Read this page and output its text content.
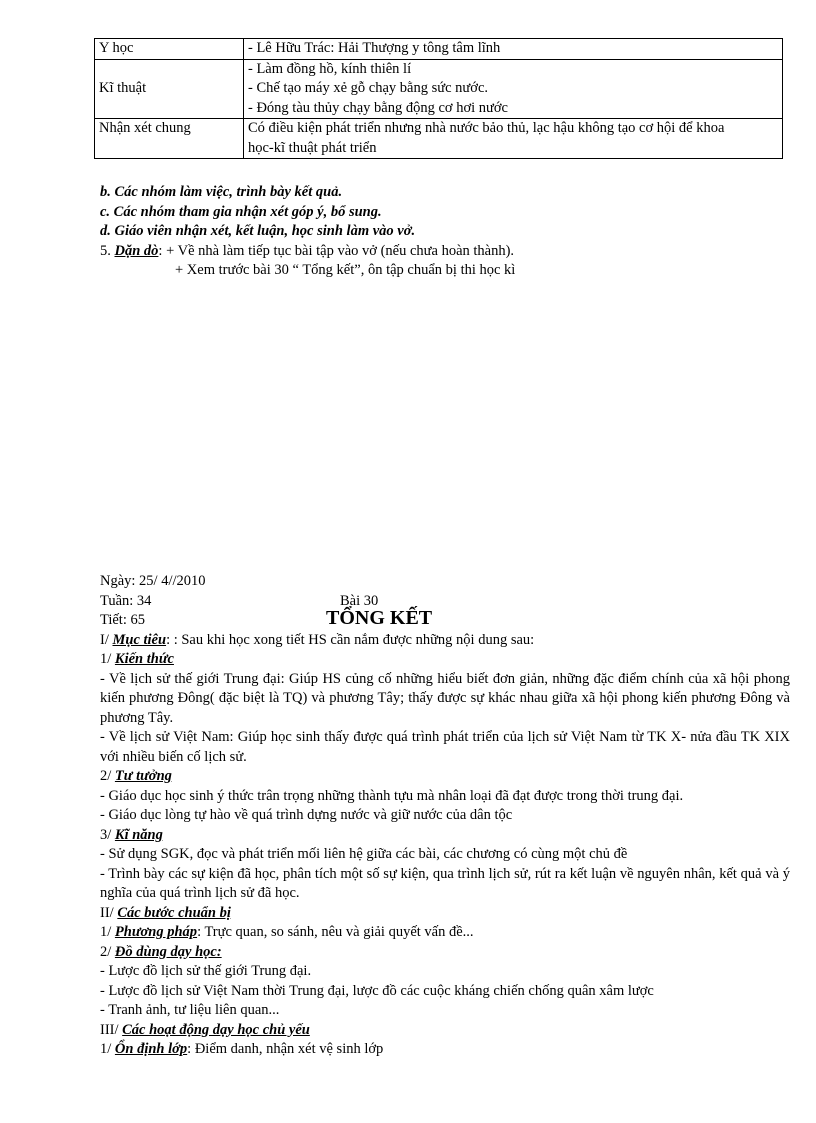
Y học	- Lê Hữu Trác: Hải Thượng y tông tâm lĩnh

Kĩ thuật	- Làm đồng hồ, kính thiên lí
- Chế tạo máy xẻ gỗ chạy bằng sức nước.
- Đóng tàu thủy chạy bằng động cơ hơi nước

Nhận xét chung	Có điều kiện phát triển nhưng nhà nước bảo thủ, lạc hậu không tạo cơ hội để khoa
học-kĩ thuật phát triển
b. Các nhóm làm việc, trình bày kết quả.
c. Các nhóm tham gia nhận xét góp ý, bổ sung.
d. Giáo viên nhận xét, kết luận, học sinh làm vào vở.
5. Dặn dò: + Về nhà làm tiếp tục bài tập vào vở (nếu chưa hoàn thành).
+ Xem trước bài 30 “ Tổng kết”, ôn tập chuẩn bị thi học kì
Ngày: 25/ 4//2010
Tuần: 34	Bài 30
Tiết: 65	TỔNG KẾT
I/ Mục tiêu: : Sau khi học xong tiết HS cần nắm được những nội dung sau:
1/ Kiến thức
- Về lịch sử thế giới Trung đại: Giúp HS củng cố những hiểu biết đơn giản, những đặc điểm chính của xã hội phong kiến phương Đông( đặc biệt là TQ) và phương Tây; thấy được sự khác nhau giữa xã hội phong kiến phương Đông và phương Tây.
- Về lịch sử Việt Nam: Giúp học sinh thấy được quá trình phát triển của lịch sử Việt Nam từ TK X- nửa đầu TK XIX với nhiều biến cố lịch sử.
2/ Tư tưởng
- Giáo dục học sinh ý thức trân trọng những thành tựu mà nhân loại đã đạt được trong thời trung đại.
- Giáo dục lòng tự hào về quá trình dựng nước và giữ nước của dân tộc
3/ Kĩ năng
- Sử dụng SGK, đọc và phát triển mối liên hệ giữa các bài, các chương có cùng một chủ đề
- Trình bày các sự kiện đã học, phân tích một số sự kiện, qua trình lịch sử, rút ra kết luận về nguyên nhân, kết quả và ý nghĩa của quá trình lịch sử đã học.
II/ Các bước chuẩn bị
1/ Phương pháp: Trực quan, so sánh, nêu và giải quyết vấn đề...
2/ Đồ dùng dạy học:
- Lược đồ lịch sử thế giới Trung đại.
- Lược đồ lịch sử Việt Nam thời Trung đại, lược đồ các cuộc kháng chiến chống quân xâm lược
- Tranh ảnh, tư liệu liên quan...
III/ Các hoạt động dạy học chủ yếu
1/ Ổn định lớp: Điểm danh, nhận xét vệ sinh lớp
